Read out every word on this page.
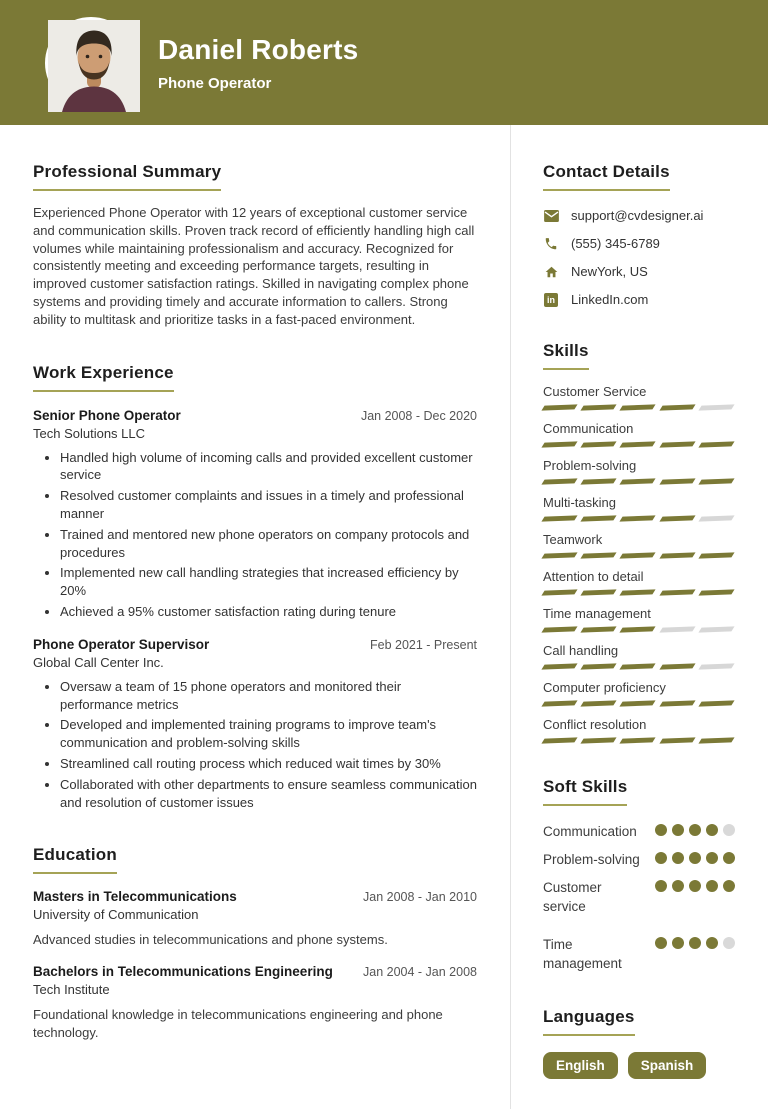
Daniel Roberts
Phone Operator
Professional Summary

Experienced Phone Operator with 12 years of exceptional customer service and communication skills. Proven track record of efficiently handling high call volumes while maintaining professionalism and accuracy. Recognized for consistently meeting and exceeding performance targets, resulting in improved customer satisfaction ratings. Skilled in navigating complex phone systems and providing timely and accurate information to callers. Strong ability to multitask and prioritize tasks in a fast-paced environment.

Work Experience
Senior Phone Operator	Jan 2008 - Dec 2020
Tech Solutions LLC
• Handled high volume of incoming calls and provided excellent customer service
• Resolved customer complaints and issues in a timely and professional manner
• Trained and mentored new phone operators on company protocols and procedures
• Implemented new call handling strategies that increased efficiency by 20%
• Achieved a 95% customer satisfaction rating during tenure
Phone Operator Supervisor	Feb 2021 - Present
Global Call Center Inc.
• Oversaw a team of 15 phone operators and monitored their performance metrics
• Developed and implemented training programs to improve team's communication and problem-solving skills
• Streamlined call routing process which reduced wait times by 30%
• Collaborated with other departments to ensure seamless communication and resolution of customer issues
Education
Masters in Telecommunications	Jan 2008 - Jan 2010
University of Communication
Advanced studies in telecommunications and phone systems.
Bachelors in Telecommunications Engineering Jan 2004 - Jan 2008
Tech Institute
Foundational knowledge in telecommunications engineering and phone technology.
Contact Details
support@cvdesigner.ai
(555) 345-6789
NewYork, US
in LinkedIn.com
Skills
Customer Service
Communication
Problem-solving
Multi-tasking
Teamwork
Attention to detail
Time management
Call handling
Computer proficiency
Conflict resolution
Soft Skills
Communication
Problem-solving
Customer service
Time management
Languages
English	Spanish
